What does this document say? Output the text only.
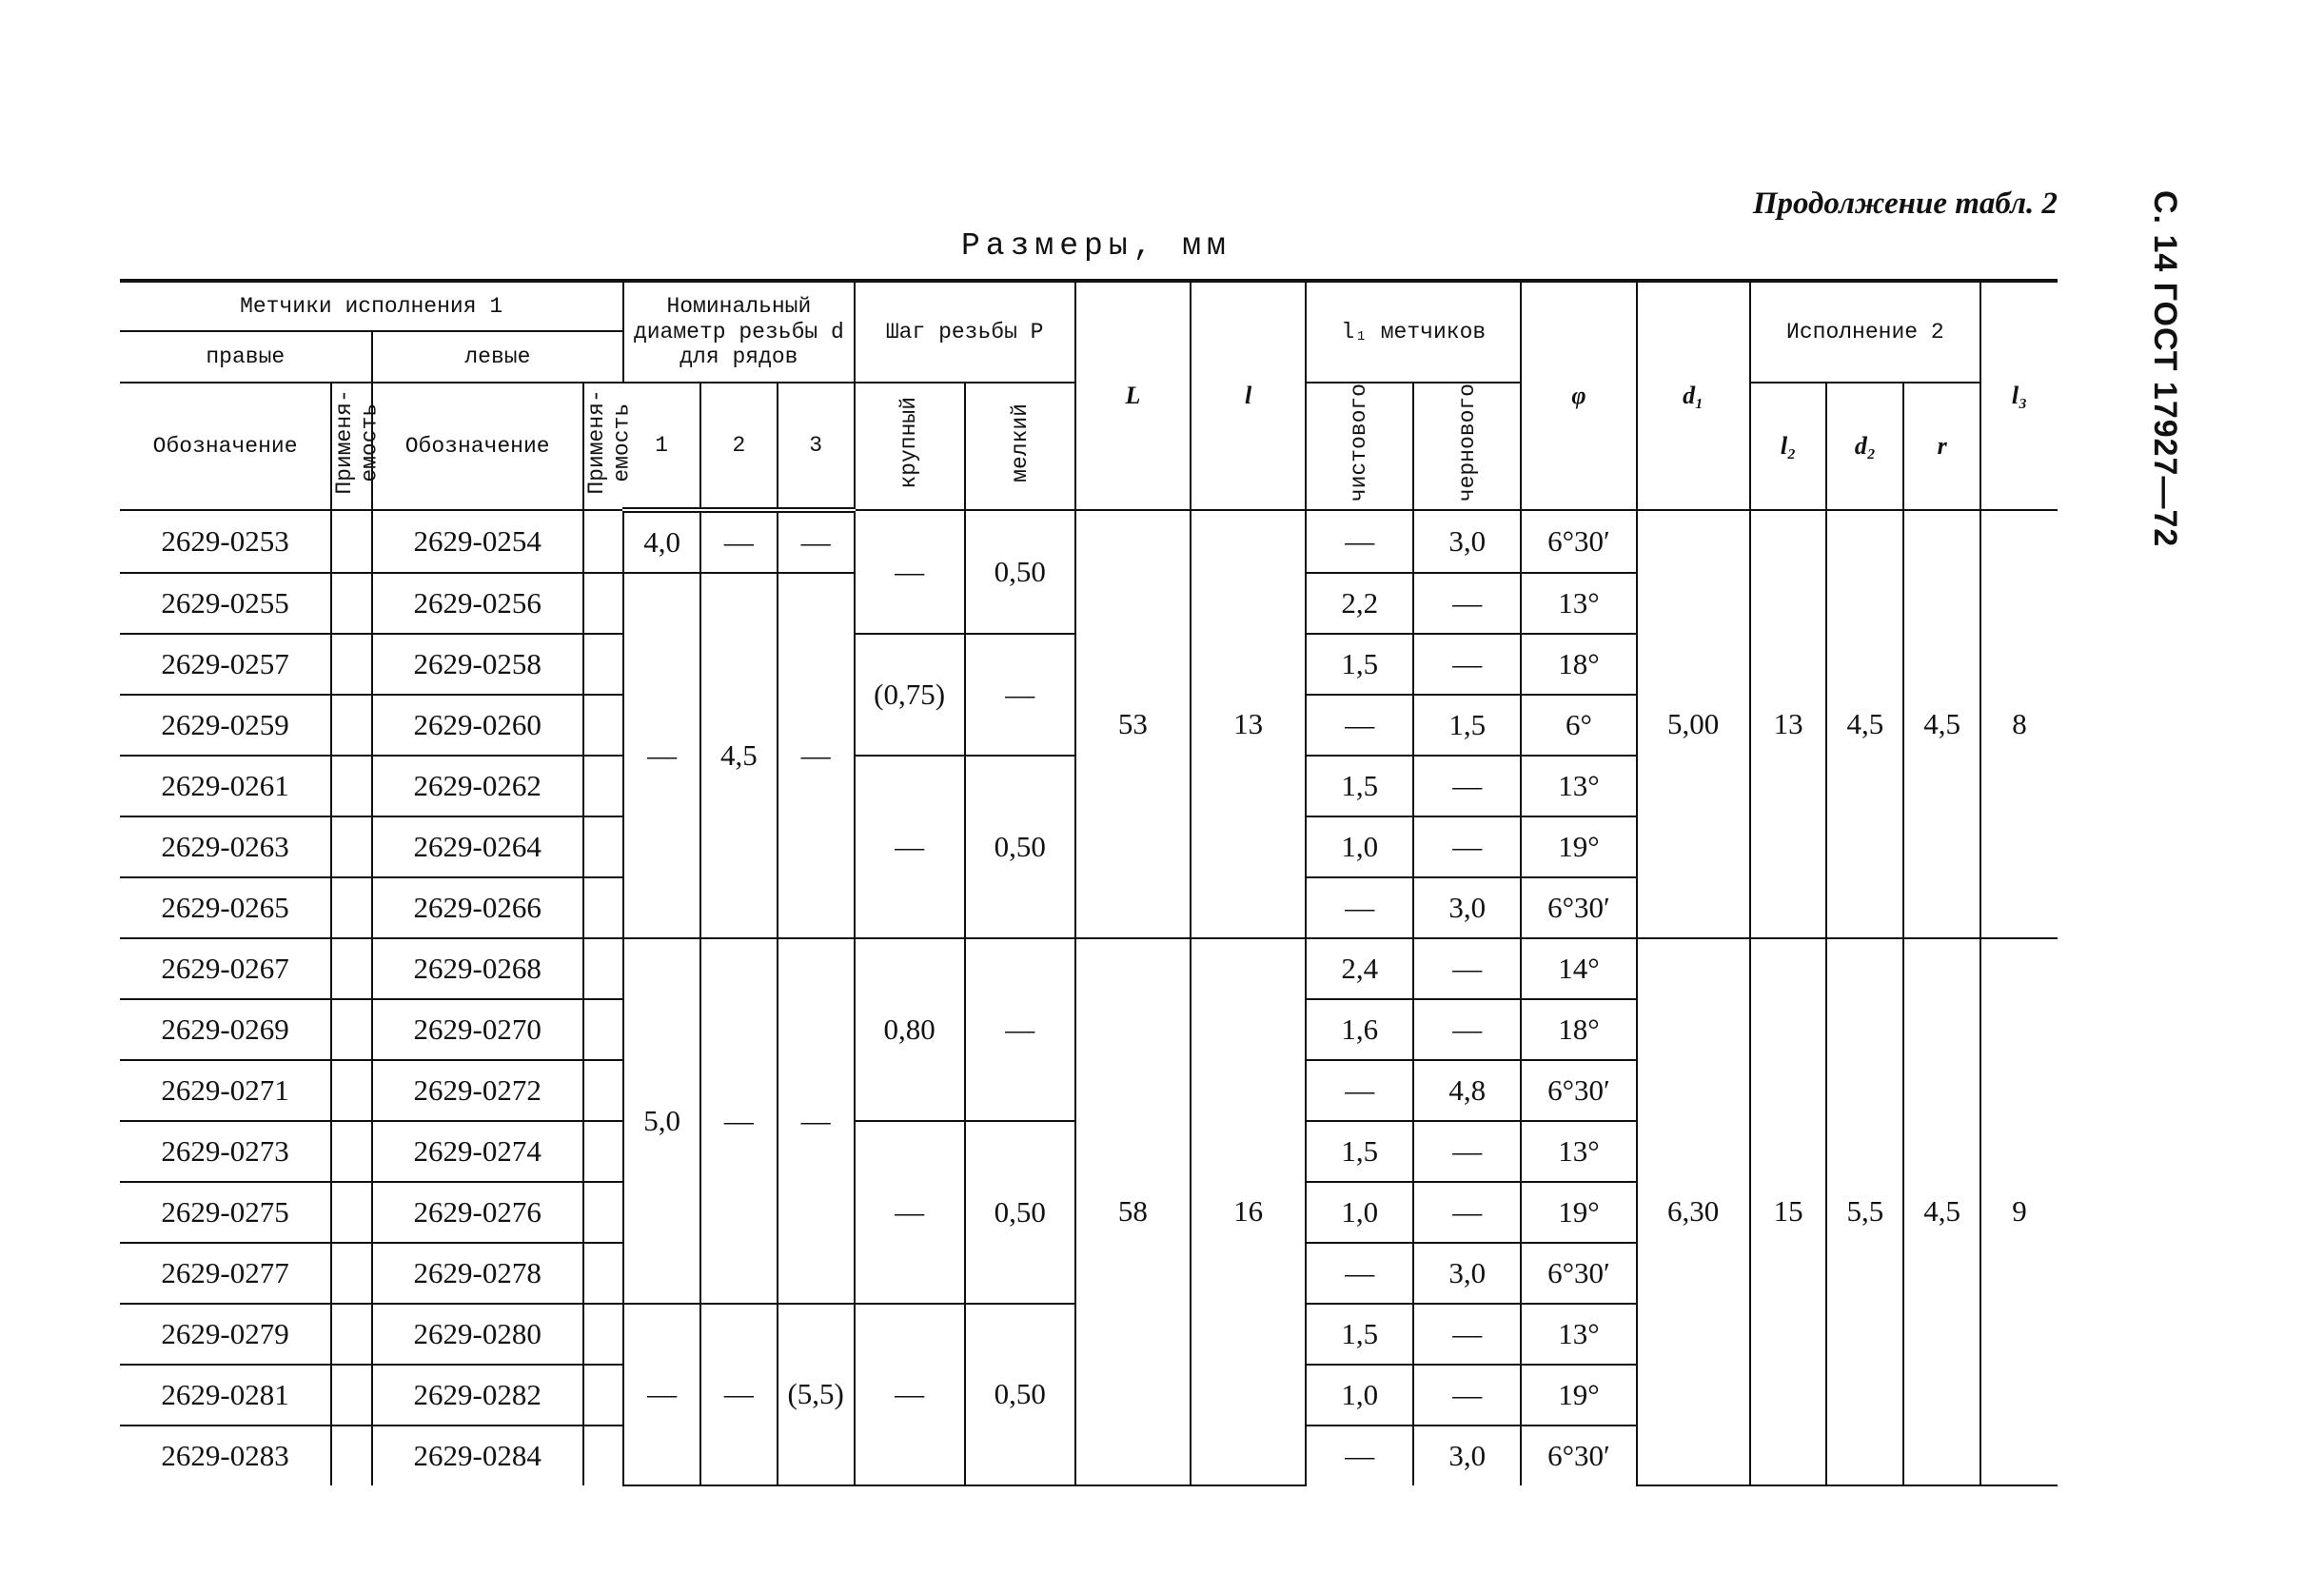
С. 14 ГОСТ 17927—72
Продолжение табл. 2
Размеры, мм
Метчики исполнения 1				Номинальный диаметр резьбы d для рядов			Шаг резьбы P		L	l	l₁ метчиков		φ	d₁	Исполнение 2			l₃
правые		левые																
Обозначение	Применя-емость	Обозначение	Применя-емость				крупный	мелкий			чистового	чернового			l₂	d₂	r	
				1	2	3												
2629-0253		2629-0254		4,0	—	—	—	0,50	53	13	—	3,0	6°30′	5,00	13	4,5	4,5	8
2629-0255		2629-0256		—	4,5	—					2,2	—	13°					
2629-0257		2629-0258					(0,75)	—			1,5	—	18°					
2629-0259		2629-0260									—	1,5	6°					
2629-0261		2629-0262					—	0,50			1,5	—	13°					
2629-0263		2629-0264									1,0	—	19°					
2629-0265		2629-0266									—	3,0	6°30′					
2629-0267		2629-0268		5,0	—	—	0,80	—	58	16	2,4	—	14°	6,30	15	5,5	4,5	9
2629-0269		2629-0270									1,6	—	18°					
2629-0271		2629-0272									—	4,8	6°30′					
2629-0273		2629-0274					—	0,50			1,5	—	13°					
2629-0275		2629-0276									1,0	—	19°					
2629-0277		2629-0278									—	3,0	6°30′					
2629-0279		2629-0280		—	—	(5,5)	—	0,50			1,5	—	13°					
2629-0281		2629-0282									1,0	—	19°					
2629-0283		2629-0284									—	3,0	6°30′					
